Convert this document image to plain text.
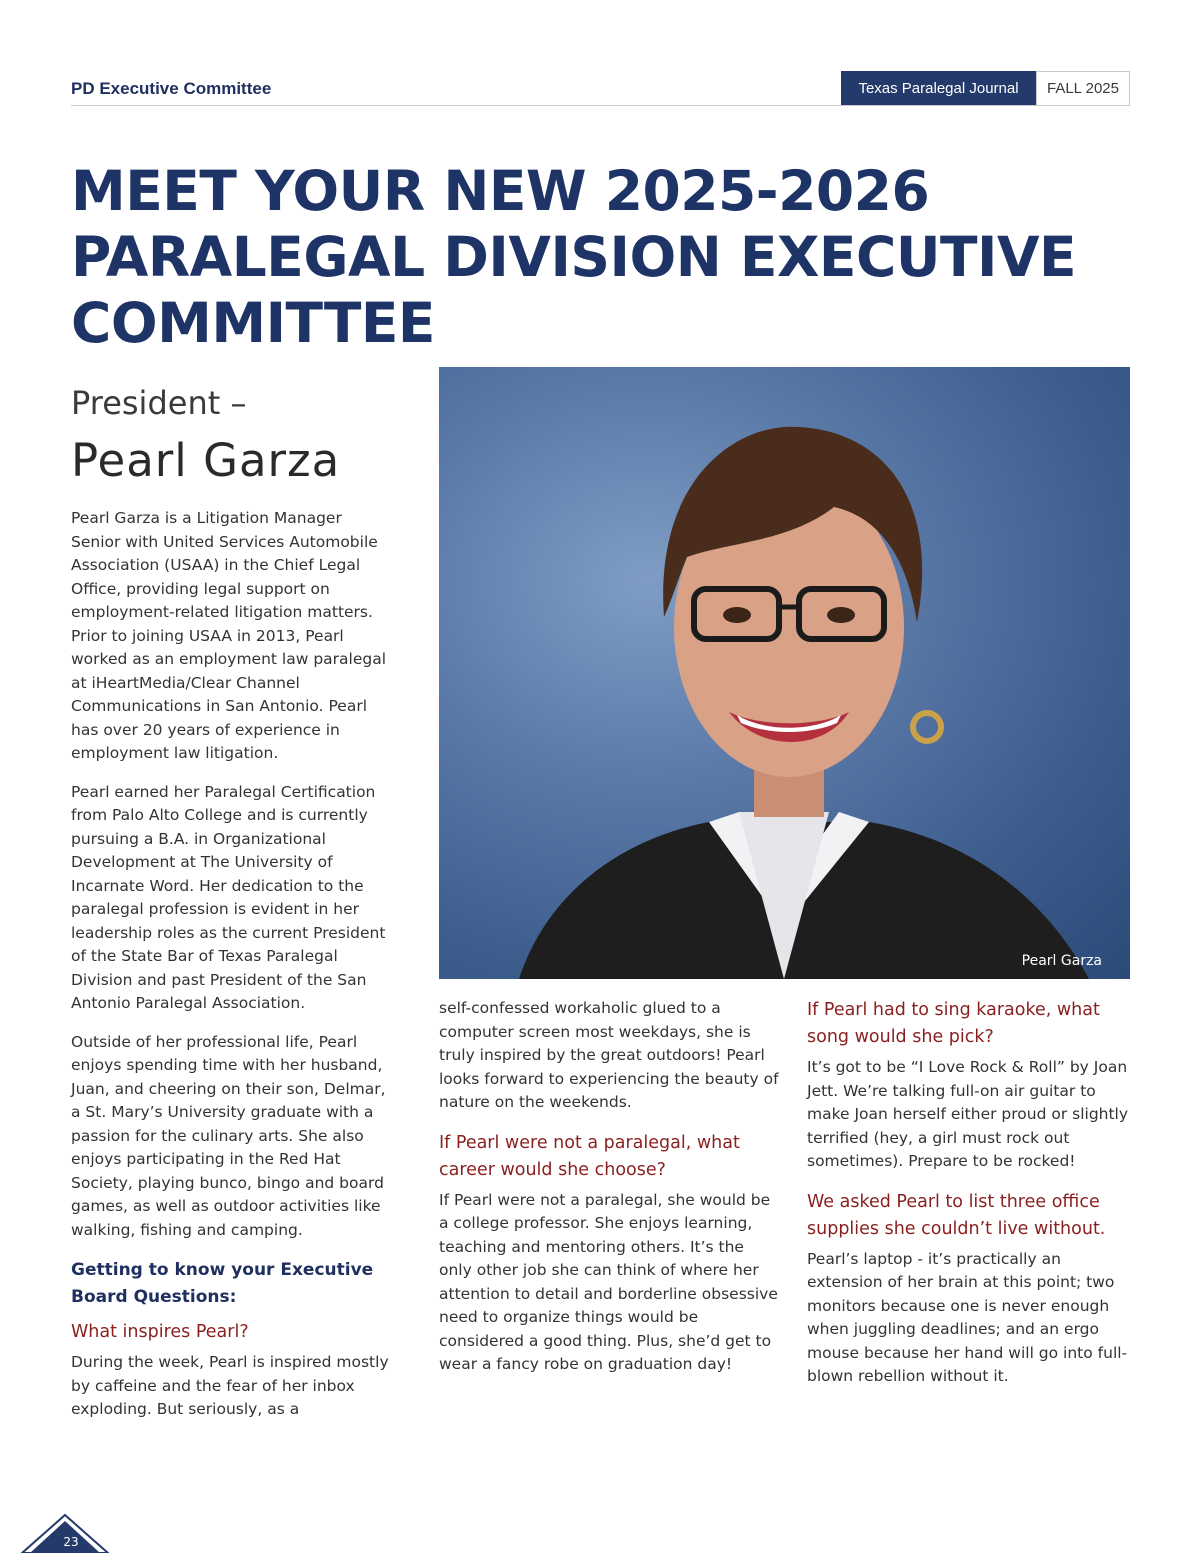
PD Executive Committee	Texas Paralegal Journal	FALL 2025
MEET YOUR NEW 2025-2026 PARALEGAL DIVISION EXECUTIVE COMMITTEE
President –
Pearl Garza
Pearl Garza

Pearl Garza is a Litigation Manager Senior with United Services Automobile Association (USAA) in the Chief Legal Office, providing legal support on employment-related litigation matters. Prior to joining USAA in 2013, Pearl worked as an employment law paralegal at iHeartMedia/Clear Channel Communications in San Antonio. Pearl has over 20 years of experience in employment law litigation.

Pearl earned her Paralegal Certification from Palo Alto College and is currently pursuing a B.A. in Organizational Development at The University of Incarnate Word. Her dedication to the paralegal profession is evident in her leadership roles as the current President of the State Bar of Texas Paralegal Division and past President of the San Antonio Paralegal Association.

Outside of her professional life, Pearl enjoys spending time with her husband, Juan, and cheering on their son, Delmar, a St. Mary’s University graduate with a passion for the culinary arts. She also enjoys participating in the Red Hat Society, playing bunco, bingo and board games, as well as outdoor activities like walking, fishing and camping.

Getting to know your Executive Board Questions:
What inspires Pearl?

During the week, Pearl is inspired mostly by caffeine and the fear of her inbox exploding. But seriously, as a

self-confessed workaholic glued to a computer screen most weekdays, she is truly inspired by the great outdoors! Pearl looks forward to experiencing the beauty of nature on the weekends.

If Pearl were not a paralegal, what career would she choose?

If Pearl were not a paralegal, she would be a college professor. She enjoys learning, teaching and mentoring others. It’s the only other job she can think of where her attention to detail and borderline obsessive need to organize things would be considered a good thing. Plus, she’d get to wear a fancy robe on graduation day!

If Pearl had to sing karaoke, what song would she pick?

It’s got to be “I Love Rock & Roll” by Joan Jett. We’re talking full-on air guitar to make Joan herself either proud or slightly terrified (hey, a girl must rock out sometimes). Prepare to be rocked!

We asked Pearl to list three office supplies she couldn’t live without.

Pearl’s laptop - it’s practically an extension of her brain at this point; two monitors because one is never enough when juggling deadlines; and an ergo mouse because her hand will go into full-blown rebellion without it.

23
